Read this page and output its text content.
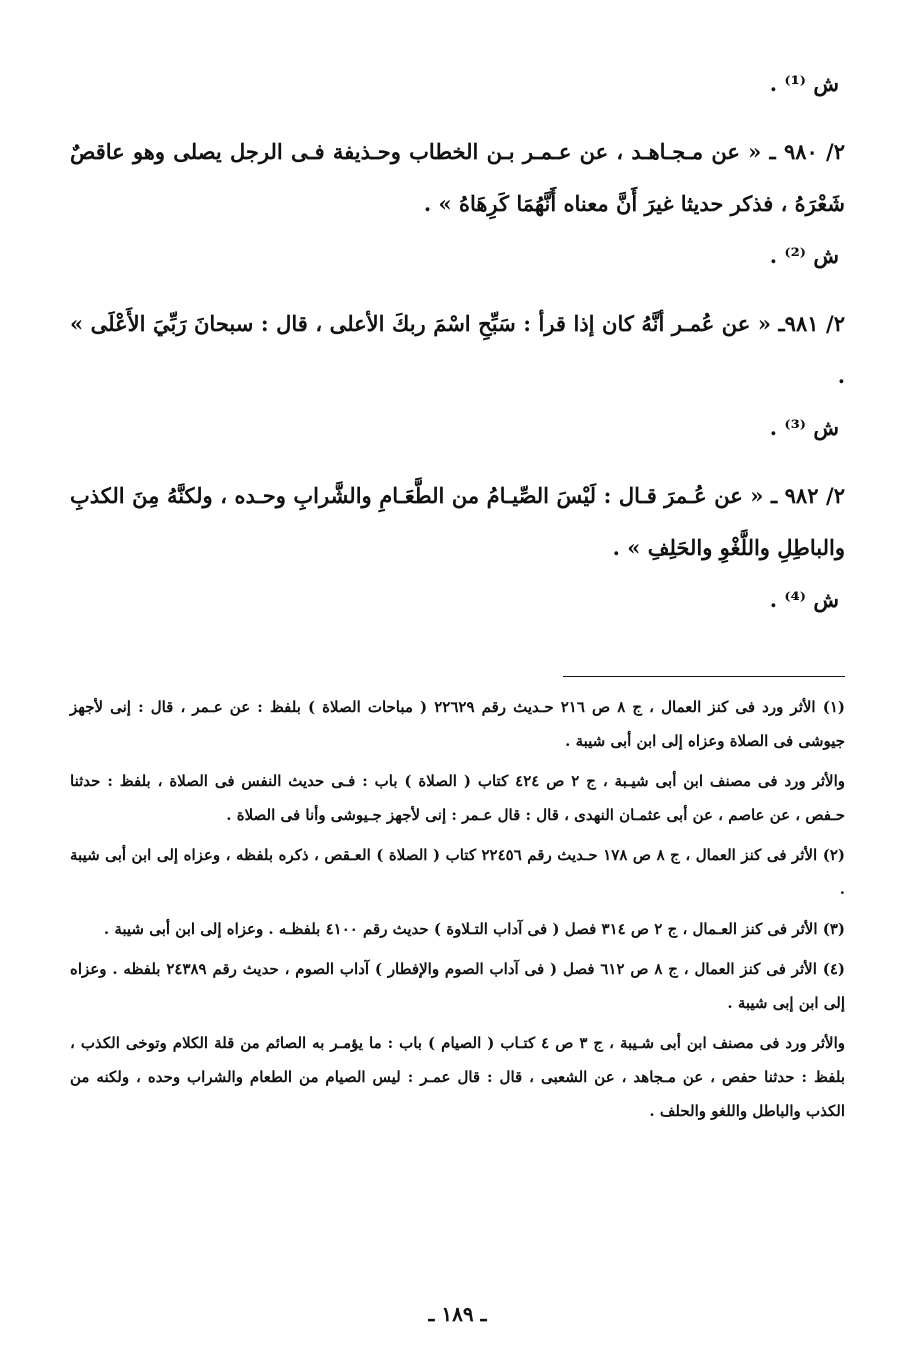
ش ⁽¹⁾ .

٢/ ٩٨٠ ـ « عن مـجـاهـد ، عن عـمـر بـن الخطاب وحـذيفة فـى الرجل يصلى وهو عاقصٌ شَعْرَهُ ، فذكر حديثا غيرَ أَنَّ معناه أَنَّهُمَا كَرِهَاهُ » .

ش ⁽²⁾ .

٢/ ٩٨١ـ « عن عُمـر أنَّهُ كان إذا قرأ : سَبِّحِ اسْمَ ربكَ الأعلى ، قال : سبحانَ رَبِّيَ الأَعْلَى » .

ش ⁽³⁾ .

٢/ ٩٨٢ ـ « عن عُـمرَ قـال : لَيْسَ الصِّيـامُ من الطَّعَـامِ والشَّرابِ وحـده ، ولكنَّهُ مِنَ الكذبِ والباطِلِ واللَّغْوِ والحَلِفِ » .

ش ⁽⁴⁾ .

(١) الأثر ورد فى كنز العمال ، ج ٨ ص ٢١٦ حـديث رقم ٢٢٦٢٩ ( مباحات الصلاة ) بلفظ : عن عـمر ، قال : إنى لأجهز جيوشى فى الصلاة وعزاه إلى ابن أبى شيبة .

والأثر ورد فى مصنف ابن أبى شيـبة ، ج ٢ ص ٤٢٤ كتاب ( الصلاة ) باب : فـى حديث النفس فى الصلاة ، بلفظ : حدثنا حـفص ، عن عاصم ، عن أبى عثمـان النهدى ، قال : قال عـمر : إنى لأجهز جـيوشى وأنا فى الصلاة .

(٢) الأثر فى كنز العمال ، ج ٨ ص ١٧٨ حـديث رقم ٢٢٤٥٦ كتاب ( الصلاة ) العـقص ، ذكره بلفظه ، وعزاه إلى ابن أبى شيبة .

(٣) الأثر فى كنز العـمال ، ج ٢ ص ٣١٤ فصل ( فى آداب التـلاوة ) حديث رقم ٤١٠٠ بلفظـه . وعزاه إلى ابن أبى شيبة .

(٤) الأثر فى كنز العمال ، ج ٨ ص ٦١٢ فصل ( فى آداب الصوم والإفطار ) آداب الصوم ، حديث رقم ٢٤٣٨٩ بلفظه . وعزاه إلى ابن إبى شيبة .

والأثر ورد فى مصنف ابن أبى شـيبة ، ج ٣ ص ٤ كتـاب ( الصيام ) باب : ما يؤمـر به الصائم من قلة الكلام وتوخى الكذب ، بلفظ : حدثنا حفص ، عن مـجاهد ، عن الشعبى ، قال : قال عمـر : ليس الصيام من الطعام والشراب وحده ، ولكنه من الكذب والباطل واللغو والحلف .

ـ ١٨٩ ـ
